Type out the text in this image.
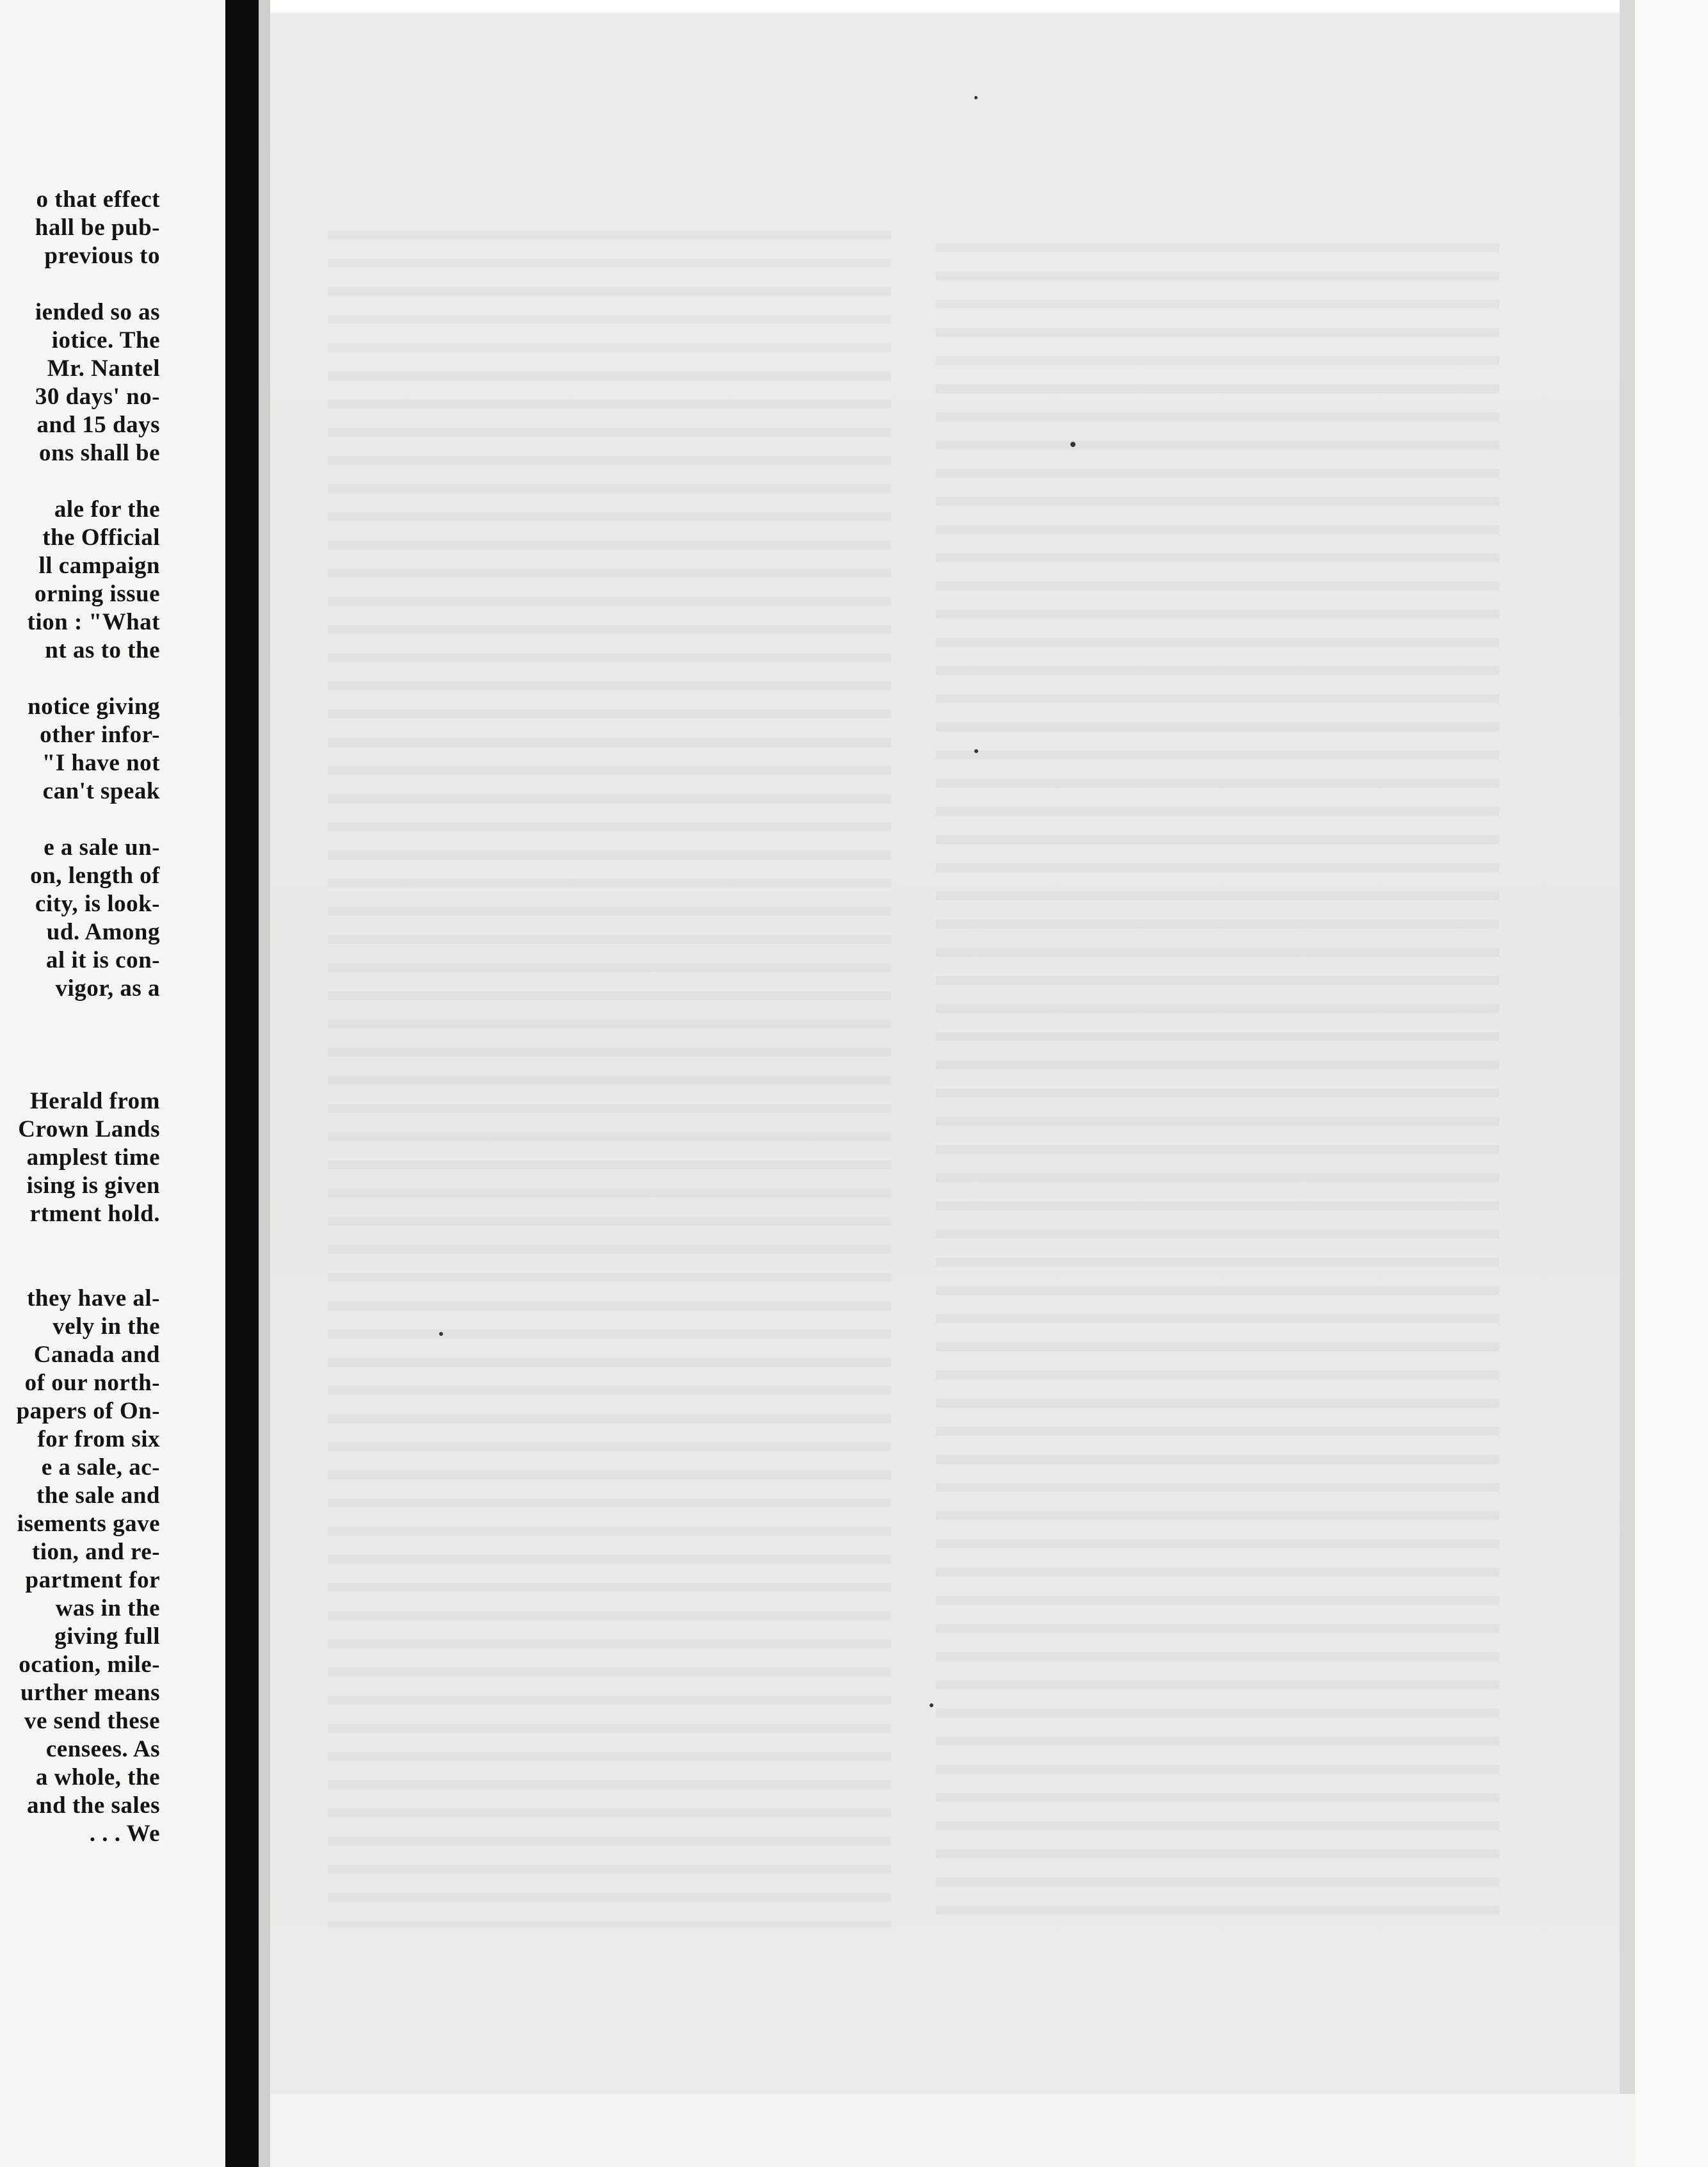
o that effect
hall be pub-
previous to

iended so as
iotice. The
Mr. Nantel
30 days' no-
and 15 days
ons shall be

ale for the
the Official
ll campaign
orning issue
tion : "What
nt as to the

notice giving
other infor-
"I have not
can't speak

e a sale un-
on, length of
city, is look-
ud. Among
al it is con-
vigor, as a

Herald from
Crown Lands
amplest time
ising is given
rtment hold.

they have al-
vely in the
Canada and
of our north-
papers of On-
for from six
e a sale, ac-
the sale and
isements gave
tion, and re-
partment for
was in the
giving full
ocation, mile-
urther means
ve send these
censees. As
a whole, the
and the sales
. . . We
